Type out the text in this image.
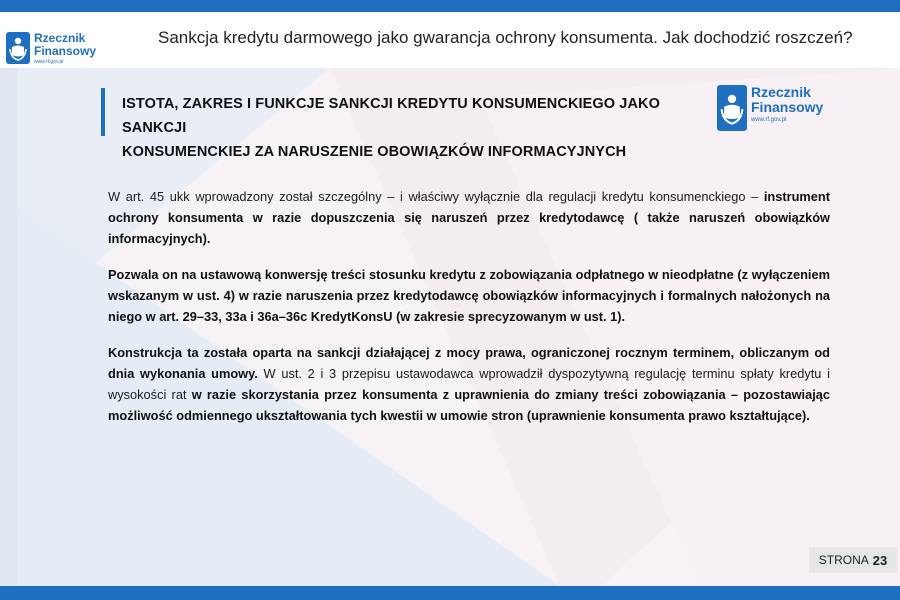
Rzecznik
Finansowy
www.rf.gov.pl
Sankcja kredytu darmowego jako gwarancja ochrony konsumenta. Jak dochodzić roszczeń?
ISTOTA, ZAKRES I FUNKCJE SANKCJI KREDYTU KONSUMENCKIEGO JAKO SANKCJI
KONSUMENCKIEJ ZA NARUSZENIE OBOWIĄZKÓW INFORMACYJNYCH
Rzecznik
Finansowy
www.rf.gov.pl

W art. 45 ukk wprowadzony został szczególny – i właściwy wyłącznie dla regulacji kredytu konsumenckiego – instrument ochrony konsumenta w razie dopuszczenia się naruszeń przez kredytodawcę ( także naruszeń obowiązków informacyjnych).

Pozwala on na ustawową konwersję treści stosunku kredytu z zobowiązania odpłatnego w nieodpłatne (z wyłączeniem wskazanym w ust. 4) w razie naruszenia przez kredytodawcę obowiązków informacyjnych i formalnych nałożonych na niego w art. 29–33, 33a i 36a–36c KredytKonsU (w zakresie sprecyzowanym w ust. 1).

Konstrukcja ta została oparta na sankcji działającej z mocy prawa, ograniczonej rocznym terminem, obliczanym od dnia wykonania umowy. W ust. 2 i 3 przepisu ustawodawca wprowadził dyspozytywną regulację terminu spłaty kredytu i wysokości rat w razie skorzystania przez konsumenta z uprawnienia do zmiany treści zobowiązania – pozostawiając możliwość odmiennego ukształtowania tych kwestii w umowie stron (uprawnienie konsumenta prawo kształtujące).

STRONA 23
